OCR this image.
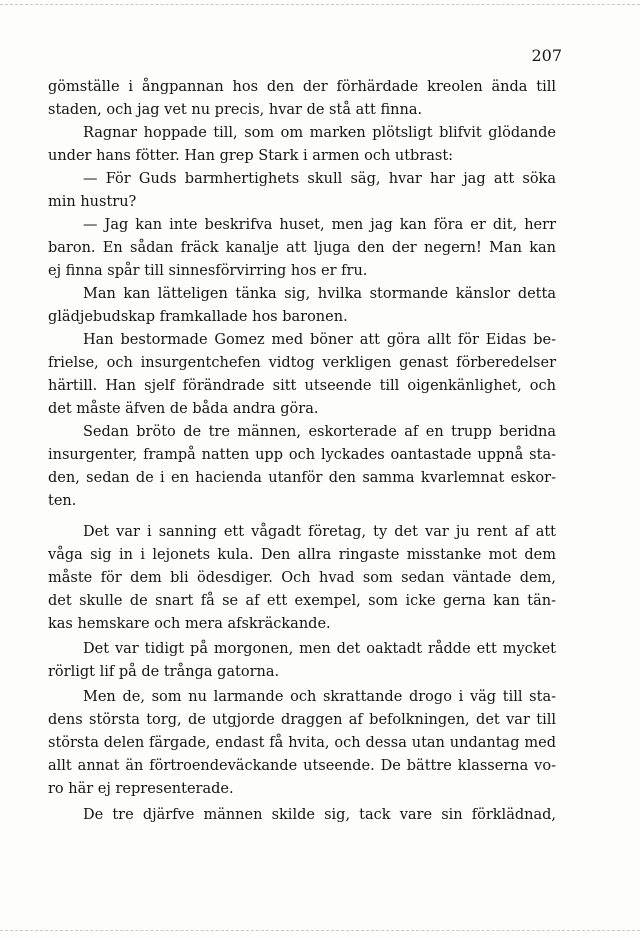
207
gömställe i ångpannan hos den der förhärdade kreolen ända till
staden, och jag vet nu precis, hvar de stå att finna.
Ragnar hoppade till, som om marken plötsligt blifvit glödande
under hans fötter. Han grep Stark i armen och utbrast:
— För Guds barmhertighets skull säg, hvar har jag att söka
min hustru?
— Jag kan inte beskrifva huset, men jag kan föra er dit, herr
baron. En sådan fräck kanalje att ljuga den der negern! Man kan
ej finna spår till sinnesförvirring hos er fru.
Man kan lätteligen tänka sig, hvilka stormande känslor detta
glädjebudskap framkallade hos baronen.
Han bestormade Gomez med böner att göra allt för Eidas be-
frielse, och insurgentchefen vidtog verkligen genast förberedelser
härtill. Han sjelf förändrade sitt utseende till oigenkänlighet, och
det måste äfven de båda andra göra.
Sedan bröto de tre männen, eskorterade af en trupp beridna
insurgenter, frampå natten upp och lyckades oantastade uppnå sta-
den, sedan de i en hacienda utanför den samma kvarlemnat eskor-
ten.
Det var i sanning ett vågadt företag, ty det var ju rent af att
våga sig in i lejonets kula. Den allra ringaste misstanke mot dem
måste för dem bli ödesdiger. Och hvad som sedan väntade dem,
det skulle de snart få se af ett exempel, som icke gerna kan tän-
kas hemskare och mera afskräckande.
Det var tidigt på morgonen, men det oaktadt rådde ett mycket
rörligt lif på de trånga gatorna.
Men de, som nu larmande och skrattande drogo i väg till sta-
dens största torg, de utgjorde draggen af befolkningen, det var till
största delen färgade, endast få hvita, och dessa utan undantag med
allt annat än förtroendeväckande utseende. De bättre klasserna vo-
ro här ej representerade.
De tre djärfve männen skilde sig, tack vare sin förklädnad,
